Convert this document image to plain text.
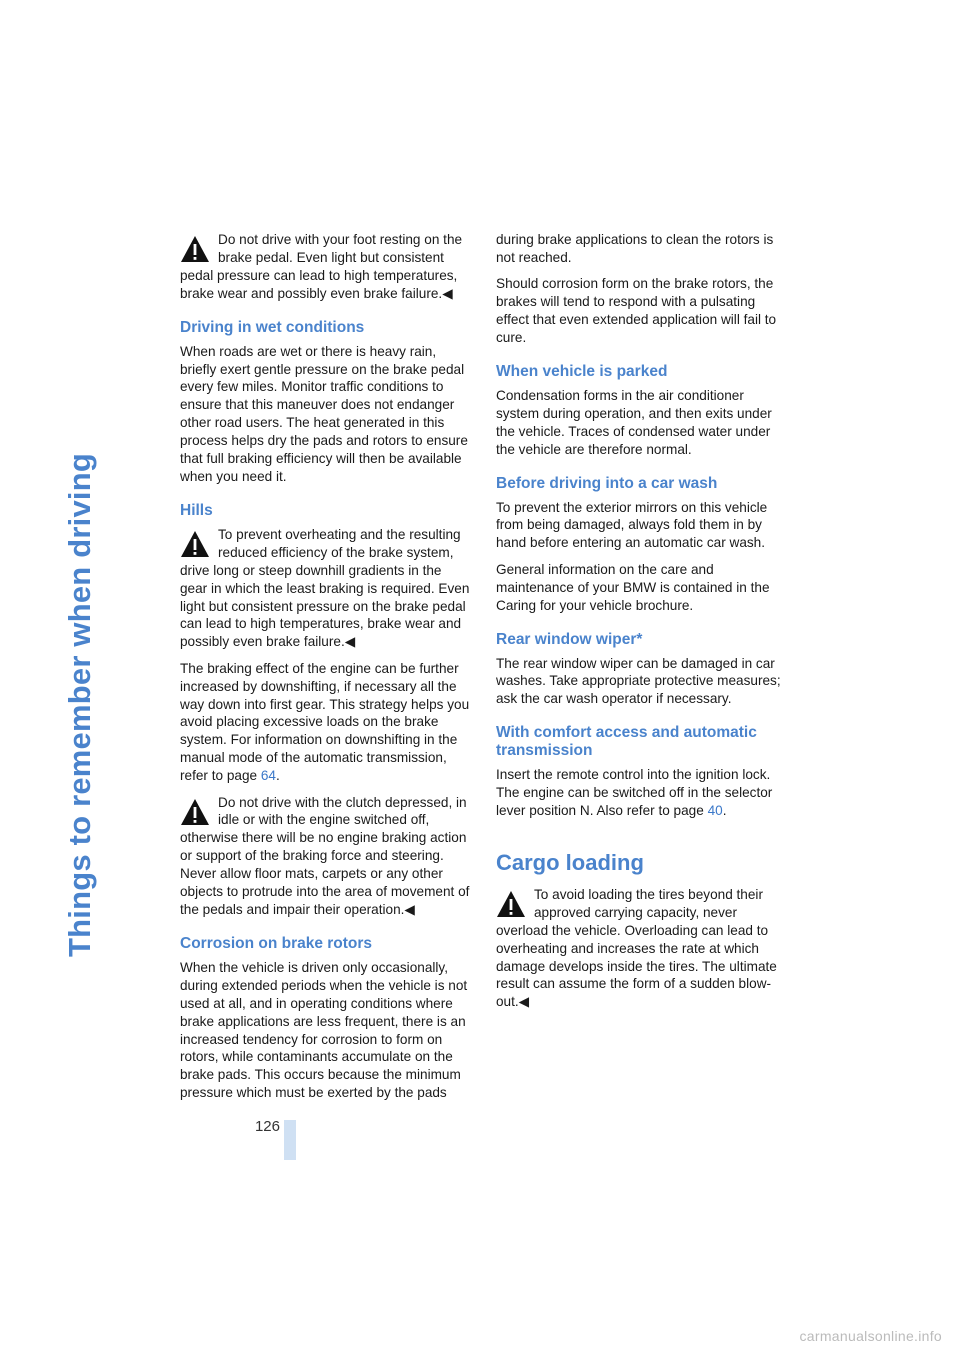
Things to remember when driving
Do not drive with your foot resting on the brake pedal. Even light but consistent pedal pressure can lead to high temperatures, brake wear and possibly even brake failure.◀
Driving in wet conditions

When roads are wet or there is heavy rain, briefly exert gentle pressure on the brake pedal every few miles. Monitor traffic conditions to ensure that this maneuver does not endanger other road users. The heat generated in this process helps dry the pads and rotors to ensure that full braking efficiency will then be available when you need it.

Hills
To prevent overheating and the resulting reduced efficiency of the brake system, drive long or steep downhill gradients in the gear in which the least braking is required. Even light but consistent pressure on the brake pedal can lead to high temperatures, brake wear and possibly even brake failure.◀

The braking effect of the engine can be further increased by downshifting, if necessary all the way down into first gear. This strategy helps you avoid placing excessive loads on the brake system. For information on downshifting in the manual mode of the automatic transmission, refer to page 64.

Do not drive with the clutch depressed, in idle or with the engine switched off, otherwise there will be no engine braking action or support of the braking force and steering. Never allow floor mats, carpets or any other objects to protrude into the area of movement of the pedals and impair their operation.◀
Corrosion on brake rotors

When the vehicle is driven only occasionally, during extended periods when the vehicle is not used at all, and in operating conditions where brake applications are less frequent, there is an increased tendency for corrosion to form on rotors, while contaminants accumulate on the brake pads. This occurs because the minimum pressure which must be exerted by the pads

during brake applications to clean the rotors is not reached.

Should corrosion form on the brake rotors, the brakes will tend to respond with a pulsating effect that even extended application will fail to cure.

When vehicle is parked

Condensation forms in the air conditioner system during operation, and then exits under the vehicle. Traces of condensed water under the vehicle are therefore normal.

Before driving into a car wash

To prevent the exterior mirrors on this vehicle from being damaged, always fold them in by hand before entering an automatic car wash.

General information on the care and maintenance of your BMW is contained in the Caring for your vehicle brochure.

Rear window wiper*

The rear window wiper can be damaged in car washes. Take appropriate protective measures; ask the car wash operator if necessary.

With comfort access and automatic transmission

Insert the remote control into the ignition lock. The engine can be switched off in the selector lever position N. Also refer to page 40.

Cargo loading
To avoid loading the tires beyond their approved carrying capacity, never overload the vehicle. Overloading can lead to overheating and increases the rate at which damage develops inside the tires. The ultimate result can assume the form of a sudden blow-out.◀
126
carmanualsonline.info
